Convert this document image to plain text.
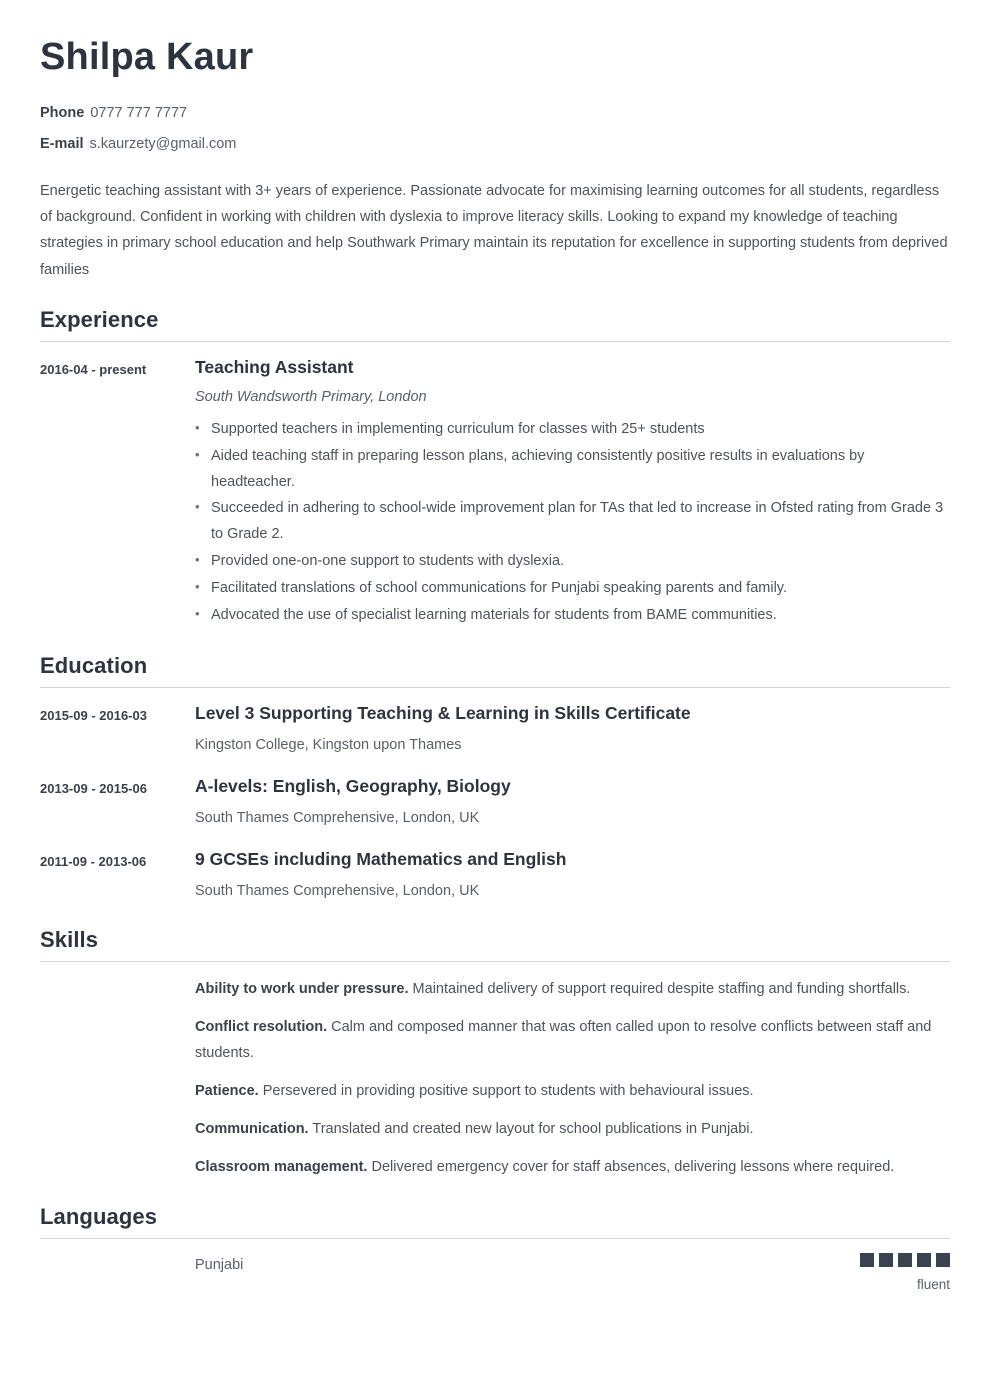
Shilpa Kaur
Phone 0777 777 7777
E-mail s.kaurzety@gmail.com
Energetic teaching assistant with 3+ years of experience. Passionate advocate for maximising learning outcomes for all students, regardless of background. Confident in working with children with dyslexia to improve literacy skills. Looking to expand my knowledge of teaching strategies in primary school education and help Southwark Primary maintain its reputation for excellence in supporting students from deprived families
Experience
2016-04 - present	Teaching Assistant
South Wandsworth Primary, London
• Supported teachers in implementing curriculum for classes with 25+ students
• Aided teaching staff in preparing lesson plans, achieving consistently positive results in evaluations by headteacher.
• Succeeded in adhering to school-wide improvement plan for TAs that led to increase in Ofsted rating from Grade 3 to Grade 2.
• Provided one-on-one support to students with dyslexia.
• Facilitated translations of school communications for Punjabi speaking parents and family.
• Advocated the use of specialist learning materials for students from BAME communities.
Education
2015-09 - 2016-03	Level 3 Supporting Teaching & Learning in Skills Certificate
Kingston College, Kingston upon Thames
2013-09 - 2015-06	A-levels: English, Geography, Biology
South Thames Comprehensive, London, UK
2011-09 - 2013-06	9 GCSEs including Mathematics and English
South Thames Comprehensive, London, UK
Skills
Ability to work under pressure. Maintained delivery of support required despite staffing and funding shortfalls.
Conflict resolution. Calm and composed manner that was often called upon to resolve conflicts between staff and students.
Patience. Persevered in providing positive support to students with behavioural issues.
Communication. Translated and created new layout for school publications in Punjabi.
Classroom management. Delivered emergency cover for staff absences, delivering lessons where required.
Languages
Punjabi
fluent
